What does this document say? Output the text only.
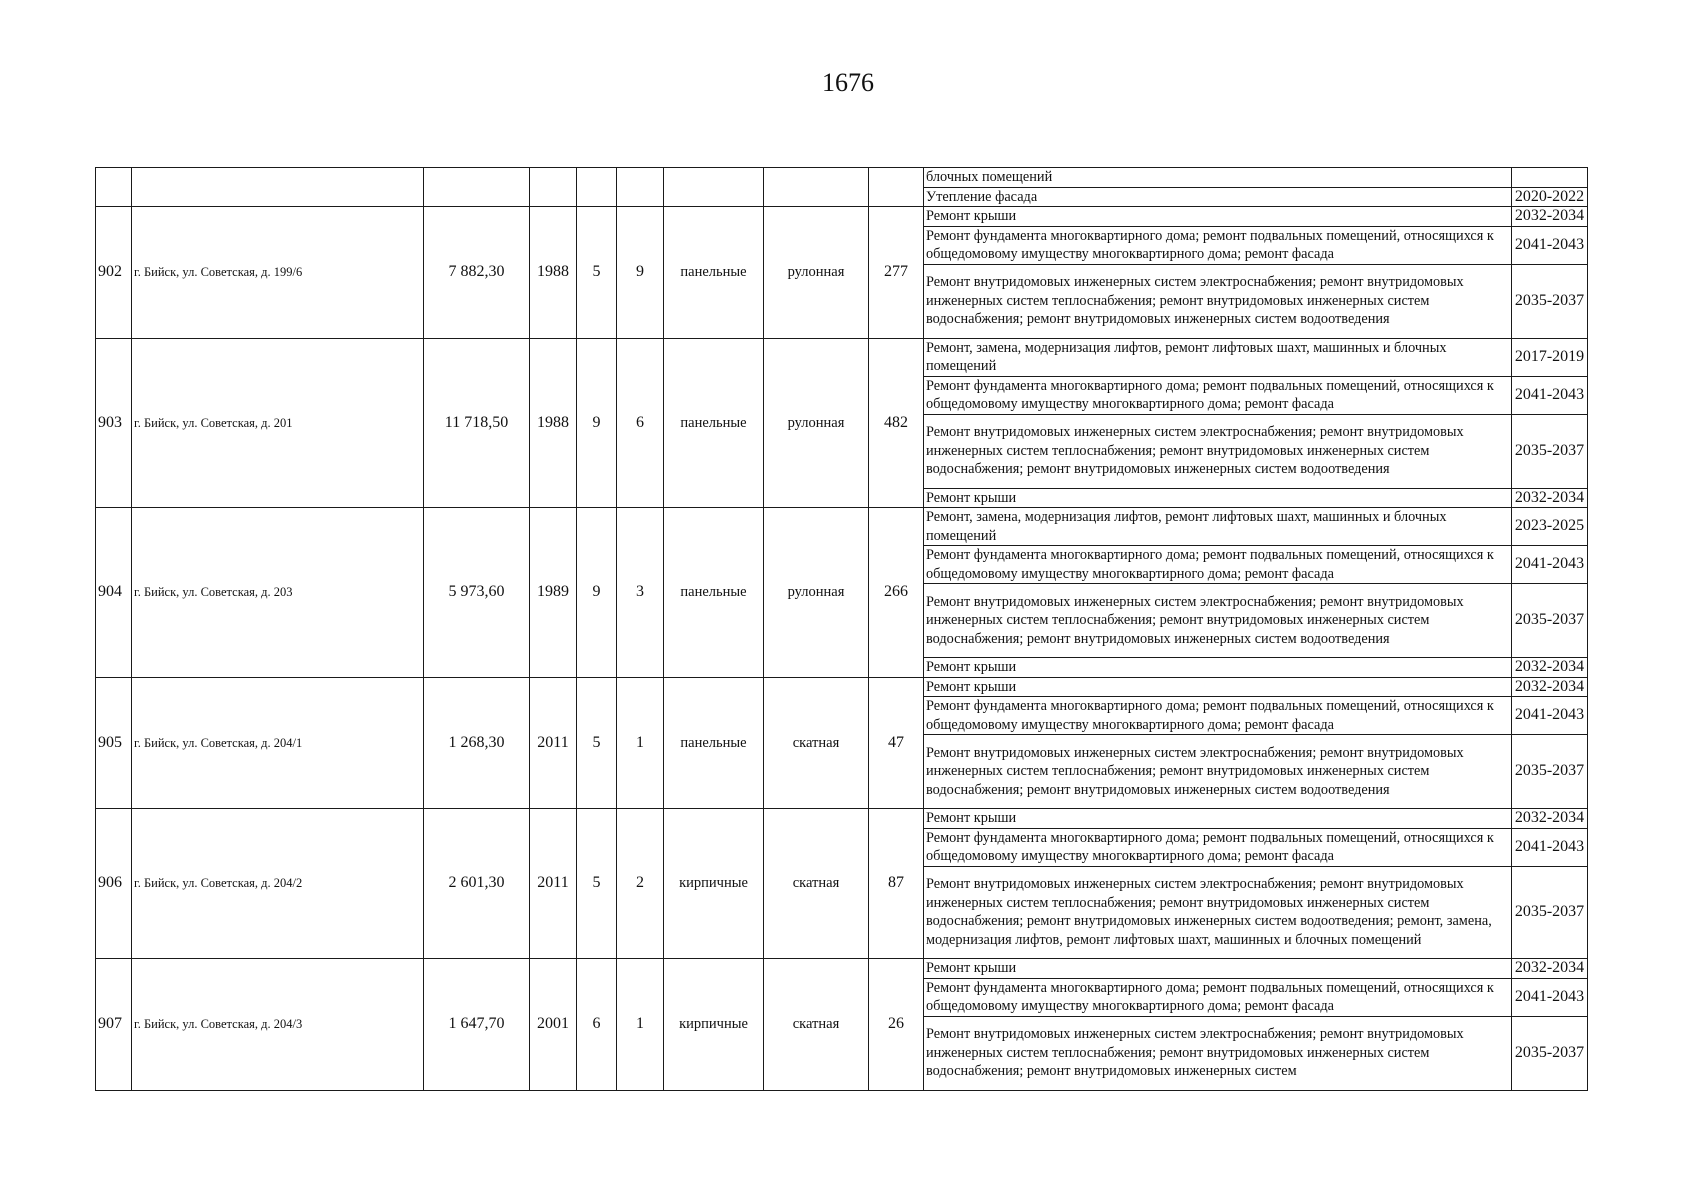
1676
									блочных помещений	
									Утепление фасада	2020-2022
902	г. Бийск, ул. Советская, д. 199/6	7 882,30	1988	5	9	панельные	рулонная	277	Ремонт крыши	2032-2034
									Ремонт фундамента многоквартирного дома; ремонт подвальных помещений, относящихся к общедомовому имуществу многоквартирного дома; ремонт фасада	2041-2043
									Ремонт внутридомовых инженерных систем электроснабжения; ремонт внутридомовых инженерных систем теплоснабжения; ремонт внутридомовых инженерных систем водоснабжения; ремонт внутридомовых инженерных систем водоотведения	2035-2037
903	г. Бийск, ул. Советская, д. 201	11 718,50	1988	9	6	панельные	рулонная	482	Ремонт, замена, модернизация лифтов, ремонт лифтовых шахт, машинных и блочных помещений	2017-2019
									Ремонт фундамента многоквартирного дома; ремонт подвальных помещений, относящихся к общедомовому имуществу многоквартирного дома; ремонт фасада	2041-2043
									Ремонт внутридомовых инженерных систем электроснабжения; ремонт внутридомовых инженерных систем теплоснабжения; ремонт внутридомовых инженерных систем водоснабжения; ремонт внутридомовых инженерных систем водоотведения	2035-2037
									Ремонт крыши	2032-2034
904	г. Бийск, ул. Советская, д. 203	5 973,60	1989	9	3	панельные	рулонная	266	Ремонт, замена, модернизация лифтов, ремонт лифтовых шахт, машинных и блочных помещений	2023-2025
									Ремонт фундамента многоквартирного дома; ремонт подвальных помещений, относящихся к общедомовому имуществу многоквартирного дома; ремонт фасада	2041-2043
									Ремонт внутридомовых инженерных систем электроснабжения; ремонт внутридомовых инженерных систем теплоснабжения; ремонт внутридомовых инженерных систем водоснабжения; ремонт внутридомовых инженерных систем водоотведения	2035-2037
									Ремонт крыши	2032-2034
905	г. Бийск, ул. Советская, д. 204/1	1 268,30	2011	5	1	панельные	скатная	47	Ремонт крыши	2032-2034
									Ремонт фундамента многоквартирного дома; ремонт подвальных помещений, относящихся к общедомовому имуществу многоквартирного дома; ремонт фасада	2041-2043
									Ремонт внутридомовых инженерных систем электроснабжения; ремонт внутридомовых инженерных систем теплоснабжения; ремонт внутридомовых инженерных систем водоснабжения; ремонт внутридомовых инженерных систем водоотведения	2035-2037
906	г. Бийск, ул. Советская, д. 204/2	2 601,30	2011	5	2	кирпичные	скатная	87	Ремонт крыши	2032-2034
									Ремонт фундамента многоквартирного дома; ремонт подвальных помещений, относящихся к общедомовому имуществу многоквартирного дома; ремонт фасада	2041-2043
									Ремонт внутридомовых инженерных систем электроснабжения; ремонт внутридомовых инженерных систем теплоснабжения; ремонт внутридомовых инженерных систем водоснабжения; ремонт внутридомовых инженерных систем водоотведения; ремонт, замена, модернизация лифтов, ремонт лифтовых шахт, машинных и блочных помещений	2035-2037
907	г. Бийск, ул. Советская, д. 204/3	1 647,70	2001	6	1	кирпичные	скатная	26	Ремонт крыши	2032-2034
									Ремонт фундамента многоквартирного дома; ремонт подвальных помещений, относящихся к общедомовому имуществу многоквартирного дома; ремонт фасада	2041-2043
									Ремонт внутридомовых инженерных систем электроснабжения; ремонт внутридомовых инженерных систем теплоснабжения; ремонт внутридомовых инженерных систем водоснабжения; ремонт внутридомовых инженерных систем	2035-2037
